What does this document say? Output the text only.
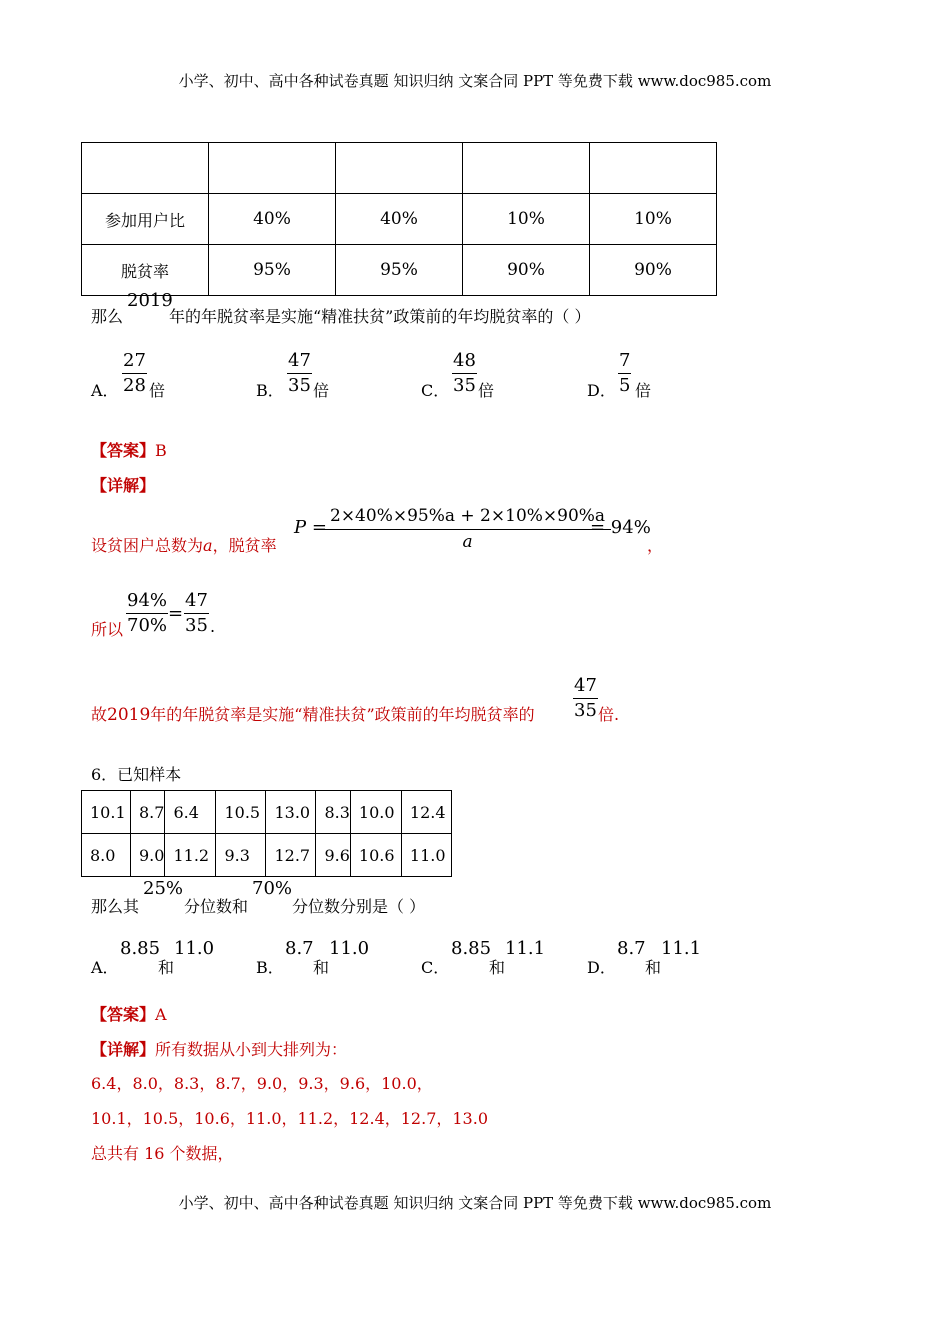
小学、初中、高中各种试卷真题 知识归纳 文案合同 PPT 等免费下载 www.doc985.com

参加用户比	40%	40%	10%	10%
脱贫率	95%	95%	90%	90%
那么
2019
年的年脱贫率是实施“精准扶贫”政策前的年均脱贫率的（ ）
A． $\frac{27}{28}$ 倍	B． $\frac{47}{35}$ 倍	C． $\frac{48}{35}$ 倍	D． $\frac{7}{5}$ 倍
【答案】B
【详解】
设贫困户总数为a，脱贫率
P =
$\frac{2\times 40\%\times 95\%a + 2\times 10\%\times 90\%a}{a}$
= 94%
，
所以 $\frac{94\%}{70\%} = \frac{47}{35}$ .
故2019年的年脱贫率是实施“精准扶贫”政策前的年均脱贫率的 $\frac{47}{35}$ 倍.
6．已知样本
10.1	8.7	6.4	10.5	13.0	8.3	10.0	12.4
8.0	9.0	11.2	9.3	12.7	9.6	10.6	11.0
那么其
25%
分位数和
70%
分位数分别是（ ）
A．
8.85
和
11.0
B．
8.7
和
11.0
C．
8.85
和
11.1
D．
8.7
和
11.1
【答案】A
【详解】所有数据从小到大排列为：
6.4，8.0，8.3，8.7，9.0，9.3，9.6，10.0，
10.1，10.5，10.6，11.0，11.2，12.4，12.7，13.0
总共有 16 个数据，
小学、初中、高中各种试卷真题 知识归纳 文案合同 PPT 等免费下载 www.doc985.com
